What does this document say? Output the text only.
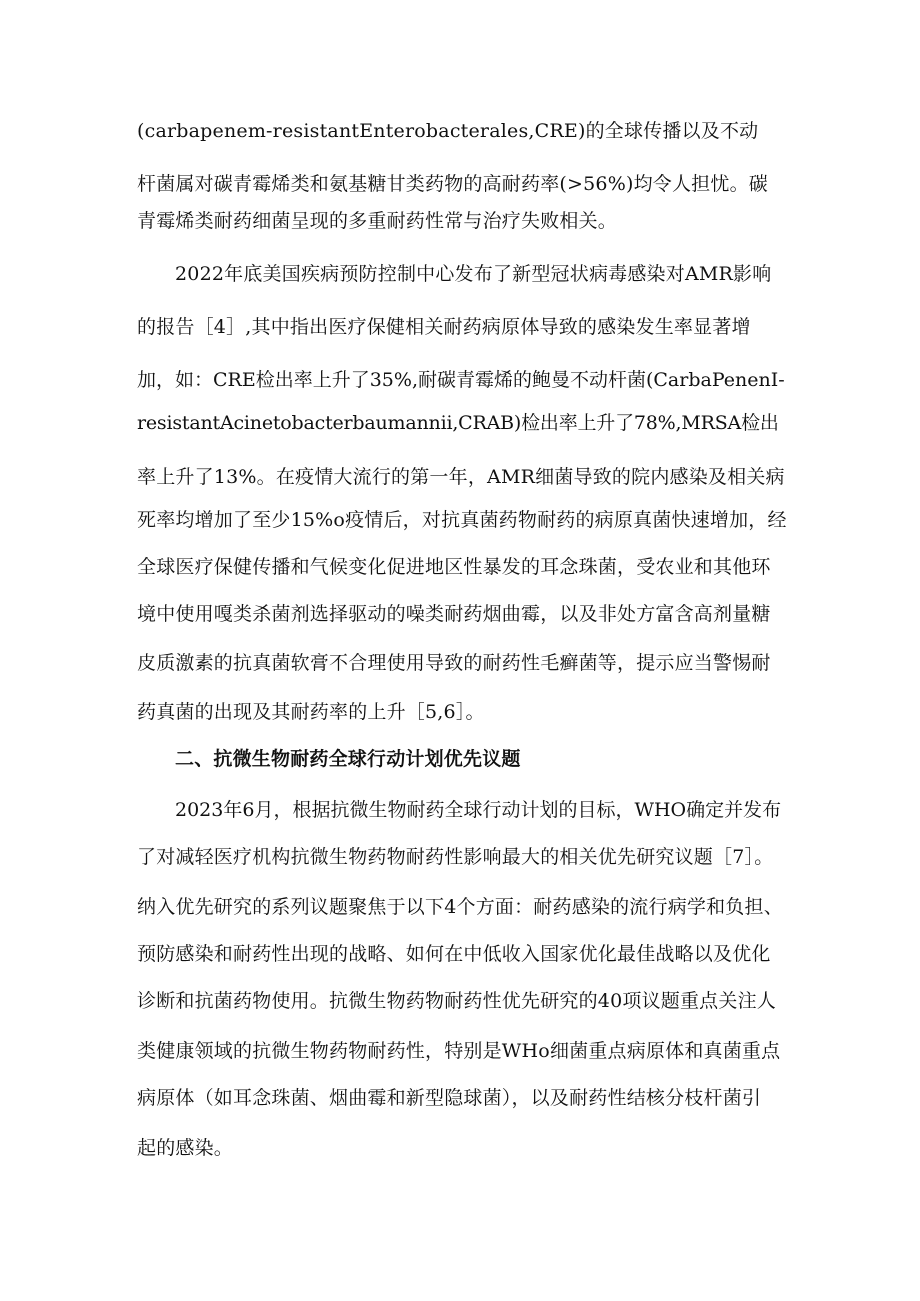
(carbapenem-resistantEnterobacterales,CRE)的全球传播以及不动
杆菌属对碳青霉烯类和氨基糖甘类药物的高耐药率(>56%)均令人担忧。碳
青霉烯类耐药细菌呈现的多重耐药性常与治疗失败相关。
2022年底美国疾病预防控制中心发布了新型冠状病毒感染对AMR影响
的报告［4］,其中指出医疗保健相关耐药病原体导致的感染发生率显著增
加，如：CRE检出率上升了35%,耐碳青霉烯的鲍曼不动杆菌(CarbaPenenI-
resistantAcinetobacterbaumannii,CRAB)检出率上升了78%,MRSA检出
率上升了13%。在疫情大流行的第一年，AMR细菌导致的院内感染及相关病
死率均增加了至少15%o疫情后，对抗真菌药物耐药的病原真菌快速增加，经
全球医疗保健传播和气候变化促进地区性暴发的耳念珠菌，受农业和其他环
境中使用嘎类杀菌剂选择驱动的噪类耐药烟曲霉，以及非处方富含高剂量糖
皮质激素的抗真菌软膏不合理使用导致的耐药性毛癣菌等，提示应当警惕耐
药真菌的出现及其耐药率的上升［5,6］。
二、抗微生物耐药全球行动计划优先议题
2023年6月，根据抗微生物耐药全球行动计划的目标，WHO确定并发布
了对减轻医疗机构抗微生物药物耐药性影响最大的相关优先研究议题［7］。
纳入优先研究的系列议题聚焦于以下4个方面：耐药感染的流行病学和负担、
预防感染和耐药性出现的战略、如何在中低收入国家优化最佳战略以及优化
诊断和抗菌药物使用。抗微生物药物耐药性优先研究的40项议题重点关注人
类健康领域的抗微生物药物耐药性，特别是WHo细菌重点病原体和真菌重点
病原体（如耳念珠菌、烟曲霉和新型隐球菌），以及耐药性结核分枝杆菌引
起的感染。
